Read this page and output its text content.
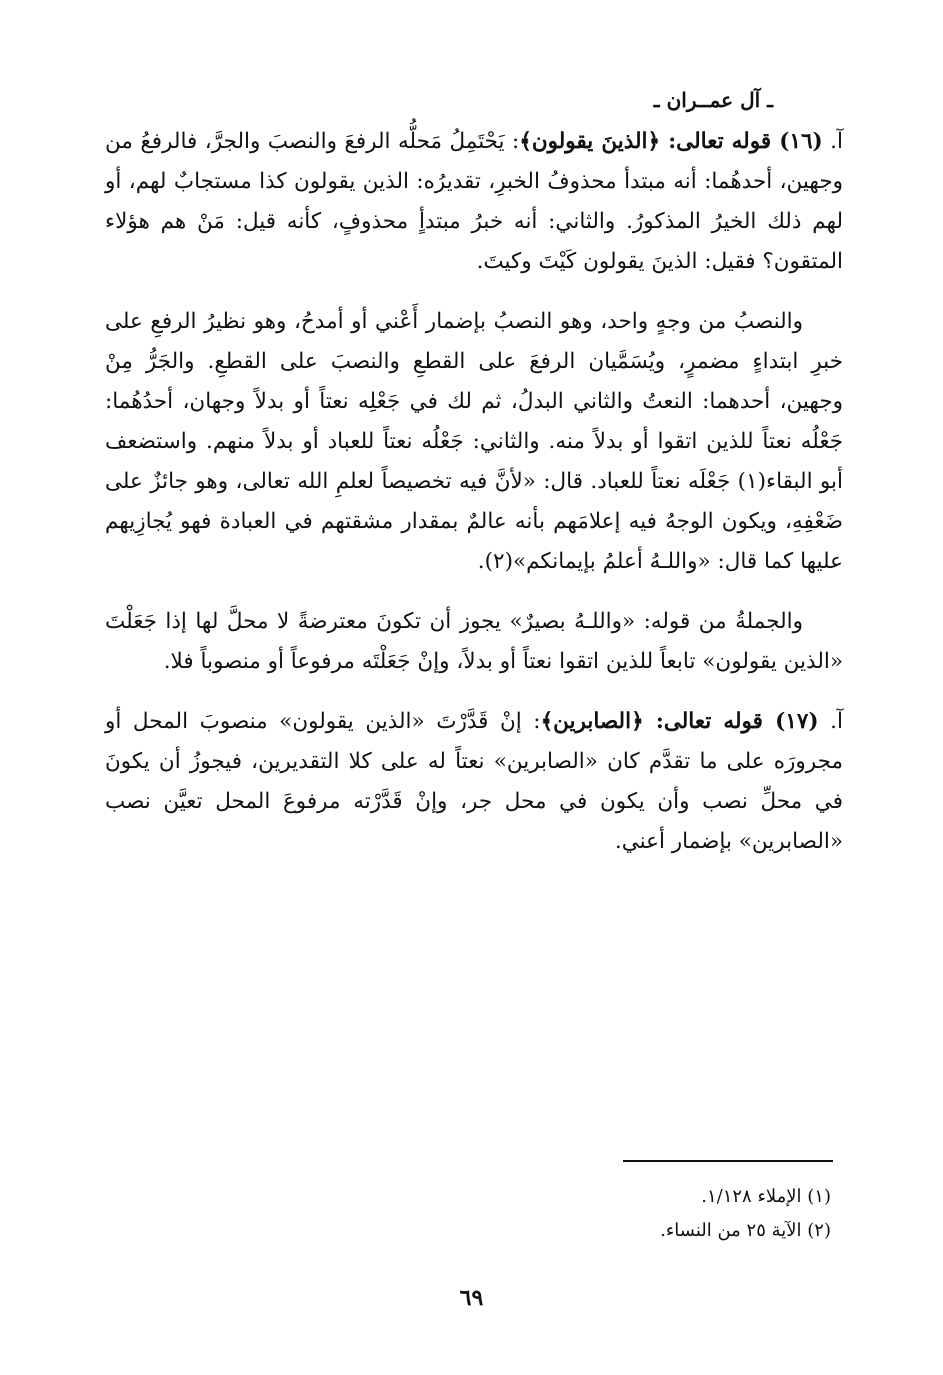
ـ آل عمــران ـ

آ. (١٦) قوله تعالى: ﴿الذينَ يقولون﴾: يَحْتَمِلُ مَحلُّه الرفعَ والنصبَ والجرَّ، فالرفعُ من وجهين، أحدهُما: أنه مبتدأ محذوفُ الخبرِ، تقديرُه: الذين يقولون كذا مستجابٌ لهم، أو لهم ذلك الخيرُ المذكورُ. والثاني: أنه خبرُ مبتدأٍ محذوفٍ، كأنه قيل: مَنْ هم هؤلاء المتقون؟ فقيل: الذينَ يقولون كَيْتَ وكيتَ.

والنصبُ من وجهٍ واحد، وهو النصبُ بإضمار أَعْني أو أمدحُ، وهو نظيرُ الرفعِ على خبرِ ابتداءٍ مضمرٍ، ويُسَمَّيان الرفعَ على القطعِ والنصبَ على القطعِ. والجَرُّ مِنْ وجهين، أحدهما: النعتُ والثاني البدلُ، ثم لك في جَعْلِه نعتاً أو بدلاً وجهان، أحدُهُما: جَعْلُه نعتاً للذين اتقوا أو بدلاً منه. والثاني: جَعْلُه نعتاً للعباد أو بدلاً منهم. واستضعف أبو البقاء(١) جَعْلَه نعتاً للعباد. قال: «لأنَّ فيه تخصيصاً لعلمِ الله تعالى، وهو جائزٌ على ضَعْفِهِ، ويكون الوجهُ فيه إعلامَهم بأنه عالمٌ بمقدار مشقتهم في العبادة فهو يُجازِيهم عليها كما قال: «واللـهُ أعلمُ بإيمانكم»(٢).

والجملةُ من قوله: «واللـهُ بصيرٌ» يجوز أن تكونَ معترضةً لا محلَّ لها إذا جَعَلْتَ «الذين يقولون» تابعاً للذين اتقوا نعتاً أو بدلاً، وإنْ جَعَلْتَه مرفوعاً أو منصوباً فلا.

آ. (١٧) قوله تعالى: ﴿الصابرين﴾: إنْ قَدَّرْتَ «الذين يقولون» منصوبَ المحل أو مجرورَه على ما تقدَّم كان «الصابرين» نعتاً له على كلا التقديرين، فيجوزُ أن يكونَ في محلِّ نصب وأن يكون في محل جر، وإنْ قَدَّرْته مرفوعَ المحل تعيَّن نصب «الصابرين» بإضمار أعني.

(١) الإملاء ١/١٢٨.

(٢) الآية ٢٥ من النساء.

٦٩
